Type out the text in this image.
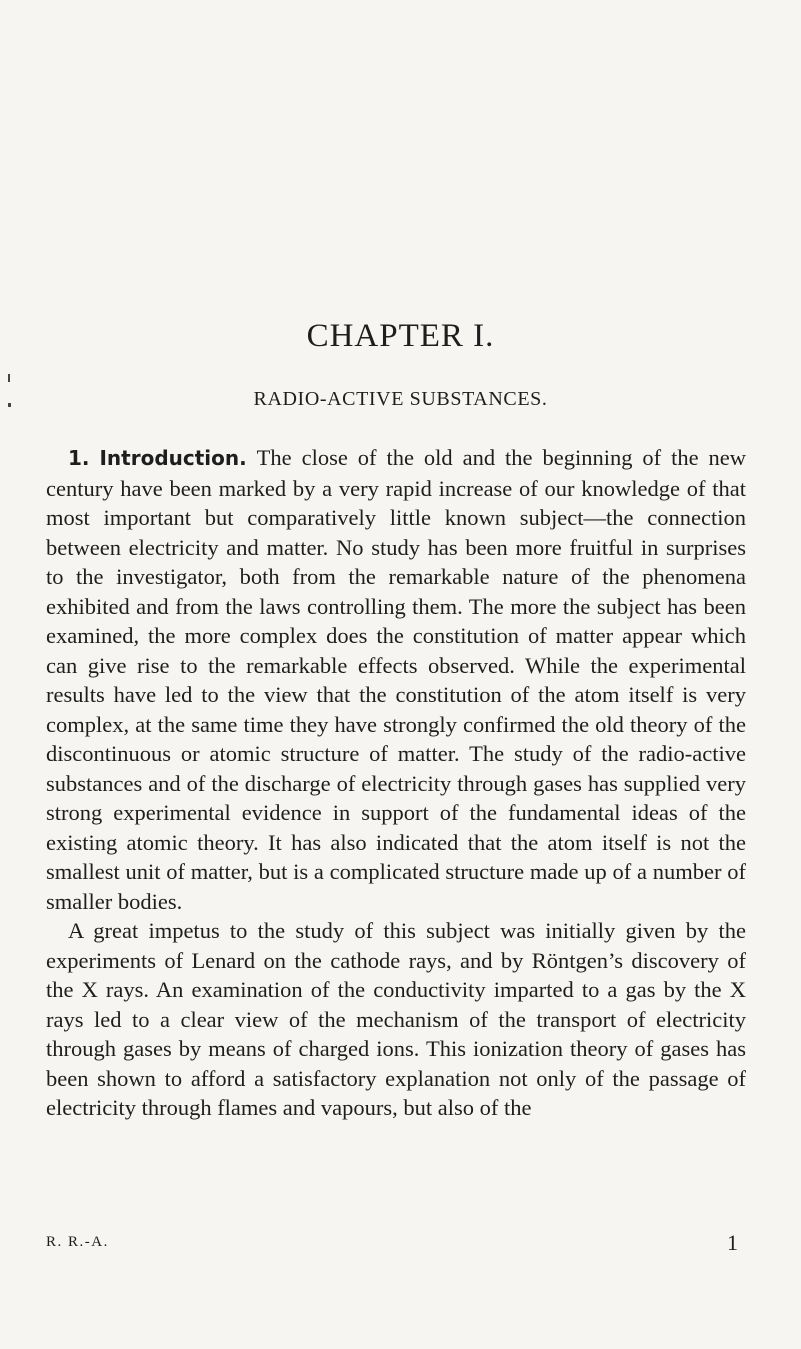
CHAPTER I.
RADIO-ACTIVE SUBSTANCES.

1. Introduction. The close of the old and the beginning of the new century have been marked by a very rapid increase of our knowledge of that most important but comparatively little known subject—the connection between electricity and matter. No study has been more fruitful in surprises to the investigator, both from the remarkable nature of the phenomena exhibited and from the laws controlling them. The more the subject has been examined, the more complex does the constitution of matter appear which can give rise to the remarkable effects observed. While the experimental results have led to the view that the constitution of the atom itself is very complex, at the same time they have strongly confirmed the old theory of the discontinuous or atomic structure of matter. The study of the radio-active substances and of the discharge of electricity through gases has supplied very strong experimental evidence in support of the fundamental ideas of the existing atomic theory. It has also indicated that the atom itself is not the smallest unit of matter, but is a complicated structure made up of a number of smaller bodies.

A great impetus to the study of this subject was initially given by the experiments of Lenard on the cathode rays, and by Röntgen’s discovery of the X rays. An examination of the conductivity imparted to a gas by the X rays led to a clear view of the mechanism of the transport of electricity through gases by means of charged ions. This ionization theory of gases has been shown to afford a satisfactory explanation not only of the passage of electricity through flames and vapours, but also of the

R. R.-A.	1
